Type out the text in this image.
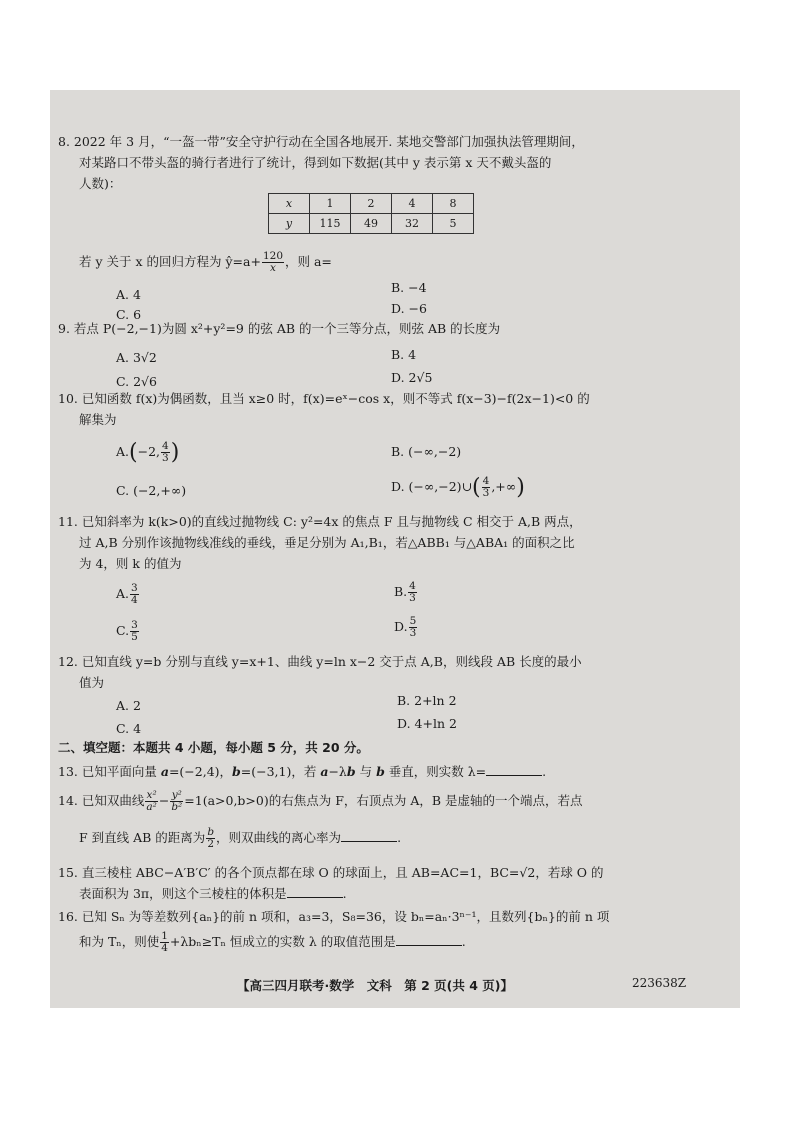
8. 2022 年 3 月，“一盔一带”安全守护行动在全国各地展开. 某地交警部门加强执法管理期间，
对某路口不带头盔的骑行者进行了统计，得到如下数据(其中 y 表示第 x 天不戴头盔的
人数)：
x	1	2	4	8
y	115	49	32	5
若 y 关于 x 的回归方程为 ŷ=a+ $\frac{120}{x}$ ，则 a=
A. 4	B. −4
C. 6	D. −6
9. 若点 P(−2,−1)为圆 x²+y²=9 的弦 AB 的一个三等分点，则弦 AB 的长度为
A. 3√2	B. 4
C. 2√6	D. 2√5
10. 已知函数 f(x)为偶函数，且当 x≥0 时，f(x)=eˣ−cos x，则不等式 f(x−3)−f(2x−1)<0 的
解集为
A.(−2, $\frac{4}{3}$ )	B. (−∞,−2)
C. (−2,+∞)	D. (−∞,−2)∪( $\frac{4}{3}$ ,+∞)
11. 已知斜率为 k(k>0)的直线过抛物线 C: y²=4x 的焦点 F 且与抛物线 C 相交于 A,B 两点，
过 A,B 分别作该抛物线准线的垂线，垂足分别为 A₁,B₁，若△ABB₁ 与△ABA₁ 的面积之比
为 4，则 k 的值为
A. $\frac{3}{4}$	B. $\frac{4}{3}$
C. $\frac{3}{5}$	D. $\frac{5}{3}$
12. 已知直线 y=b 分别与直线 y=x+1、曲线 y=ln x−2 交于点 A,B，则线段 AB 长度的最小
值为
A. 2	B. 2+ln 2
C. 4	D. 4+ln 2
二、填空题：本题共 4 小题，每小题 5 分，共 20 分。
13. 已知平面向量 a=(−2,4)，b=(−3,1)，若 a−λb 与 b 垂直，则实数 λ=	.
14. 已知双曲线 $\frac{\text{x²}}{\text{a²}} - \frac{\text{y²}}{\text{b²}} =1(a>0,b>0)$的右焦点为 F，右顶点为 A，B 是虚轴的一个端点，若点
F 到直线 AB 的距离为 $\frac{b}{2}$ ，则双曲线的离心率为	.
15. 直三棱柱 ABC−A′B′C′ 的各个顶点都在球 O 的球面上，且 AB=AC=1，BC=√2，若球 O 的
表面积为 3π，则这个三棱柱的体积是	.
16. 已知 Sₙ 为等差数列{aₙ}的前 n 项和，a₃=3，S₈=36，设 bₙ=aₙ·3ⁿ⁻¹，且数列{bₙ}的前 n 项
和为 Tₙ，则使 $\frac{1}{4} +\lambda b_n\ge T_n$ 恒成立的实数 λ 的取值范围是	.
【高三四月联考·数学　文科　第 2 页(共 4 页)】	223638Z
